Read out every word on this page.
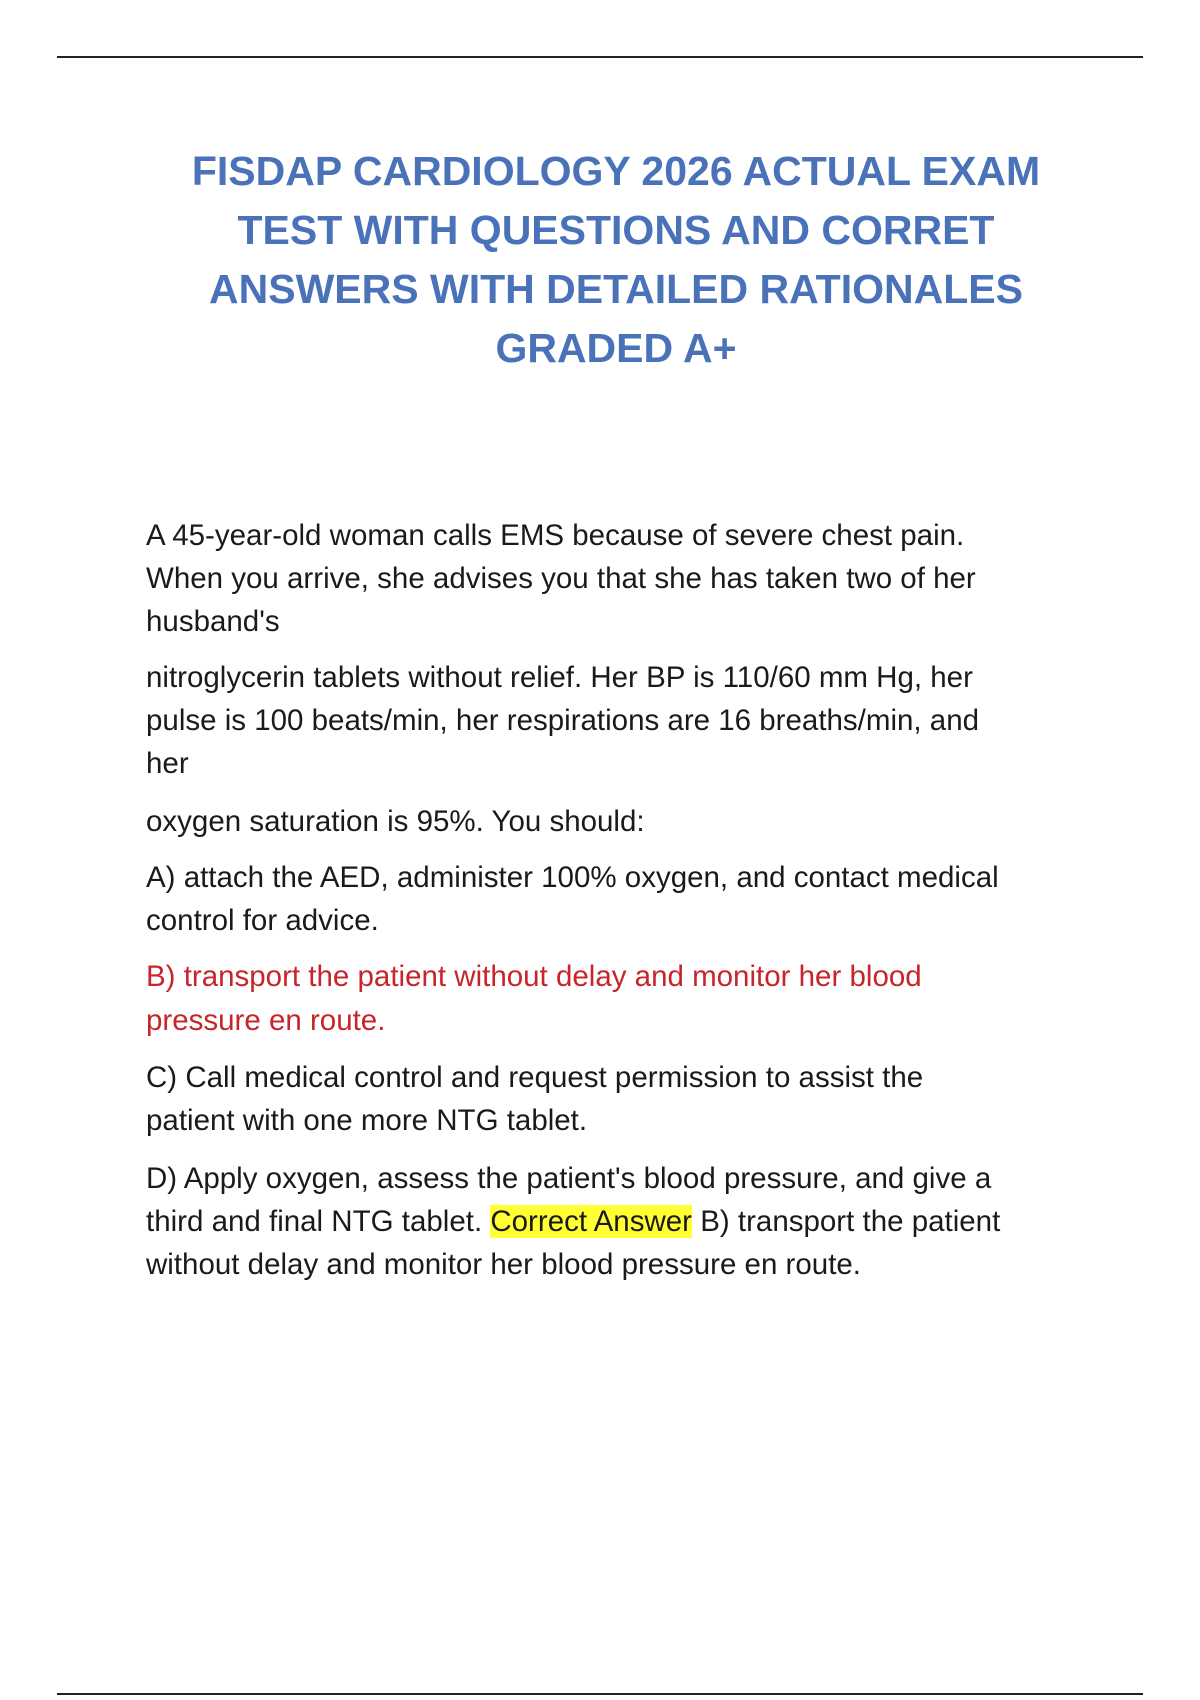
FISDAP CARDIOLOGY 2026 ACTUAL EXAM
TEST WITH QUESTIONS AND CORRET
ANSWERS WITH DETAILED RATIONALES
GRADED A+

A 45-year-old woman calls EMS because of severe chest pain.
When you arrive, she advises you that she has taken two of her
husband's

nitroglycerin tablets without relief. Her BP is 110/60 mm Hg, her
pulse is 100 beats/min, her respirations are 16 breaths/min, and
her

oxygen saturation is 95%. You should:

A) attach the AED, administer 100% oxygen, and contact medical
control for advice.

B) transport the patient without delay and monitor her blood
pressure en route.

C) Call medical control and request permission to assist the
patient with one more NTG tablet.

D) Apply oxygen, assess the patient's blood pressure, and give a
third and final NTG tablet. Correct Answer B) transport the patient
without delay and monitor her blood pressure en route.
